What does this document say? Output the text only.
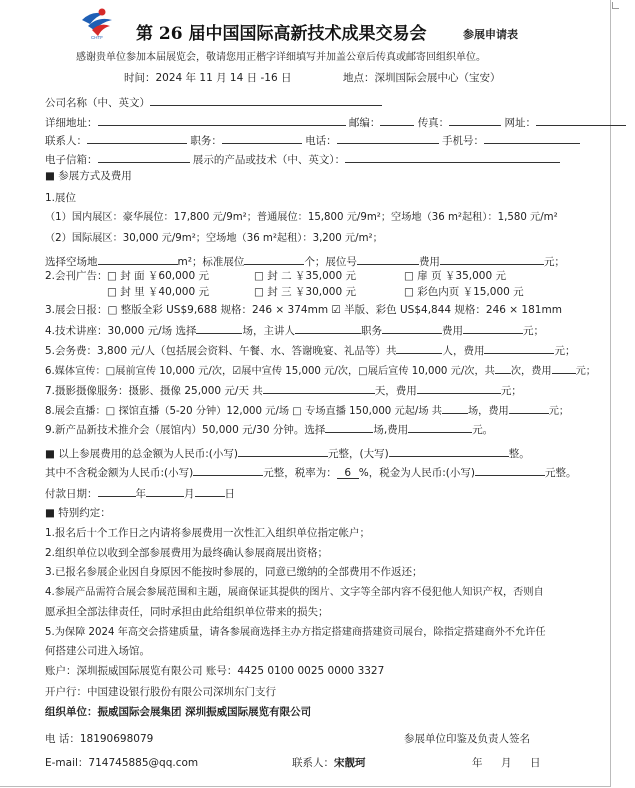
CHTF 第 26 届中国国际高新技术成果交易会	参展申请表
感谢贵单位参加本届展览会，敬请您用正楷字详细填写并加盖公章后传真或邮寄回组织单位。
时间：2024 年 11 月 14 日 -16 日	地点：深圳国际会展中心（宝安）
公司名称（中、英文）
详细地址：	邮编：	传真：	网址：
联系人：	职务：	电话：	手机号：
电子信箱：	展示的产品或技术（中、英文）：
■ 参展方式及费用
1.展位
（1）国内展区：豪华展位：17,800 元/9m²；普通展位：15,800 元/9m²；空场地（36 m²起租）：1,580 元/m²
（2）国际展区：30,000 元/9m²；空场地（36 m²起租）：3,200 元/m²；
选择空场地	m²；标准展位	个；展位号	费用	元；
2.会刊广告： □ 封 面 ￥60,000 元	□ 封 二 ￥35,000 元	□ 扉 页 ￥35,000 元
□ 封 里 ￥40,000 元	□ 封 三 ￥30,000 元	□ 彩色内页 ￥15,000 元
3.展会日报：□ 整版全彩 US$9,688 规格：246 × 374mm ☑ 半版、彩色 US$4,844 规格：246 × 181mm
4.技术讲座：30,000 元/场 选择	场，主讲人	职务	费用	元；
5.会务费：3,800 元/人（包括展会资料、午餐、水、答谢晚宴、礼品等）共	人，费用	元；
6.媒体宣传：□展前宣传 10,000 元/次，☑展中宣传 15,000 元/次，□展后宣传 10,000 元/次，共 次，费用 元；
7.摄影摄像服务：摄影、摄像 25,000 元/天 共	天，费用	元；
8.展会直播：□ 探馆直播（5-20 分钟）12,000 元/场 □ 专场直播 150,000 元起/场 共	场，费用	元；
9.新产品新技术推介会（展馆内）50,000 元/30 分钟。选择	场,费用	元。
■ 以上参展费用的总金额为人民币:(小写)	元整，(大写)	整。
其中不含税金额为人民币:(小写)	元整，税率为： 6 %，税金为人民币:(小写)	元整。
付款日期：	年	月	日
■ 特别约定：
1.报名后十个工作日之内请将参展费用一次性汇入组织单位指定帐户；
2.组织单位以收到全部参展费用为最终确认参展商展出资格；
3.已报名参展企业因自身原因不能按时参展的，同意已缴纳的全部费用不作返还；
4.参展产品需符合展会参展范围和主题，展商保证其提供的图片、文字等全部内容不侵犯他人知识产权，否则自
愿承担全部法律责任，同时承担由此给组织单位带来的损失；
5.为保障 2024 年高交会搭建质量，请各参展商选择主办方指定搭建商搭建资司展台，除指定搭建商外不允许任
何搭建公司进入场馆。
账户：深圳振威国际展览有限公司 账号：4425 0100 0025 0000 3327
开户行：中国建设银行股份有限公司深圳东门支行
组织单位：振威国际会展集团 深圳振威国际展览有限公司
电 话：18190698079	参展单位印鉴及负责人签名
E-mail：714745885@qq.com	联系人：宋靓珂	年 月 日
